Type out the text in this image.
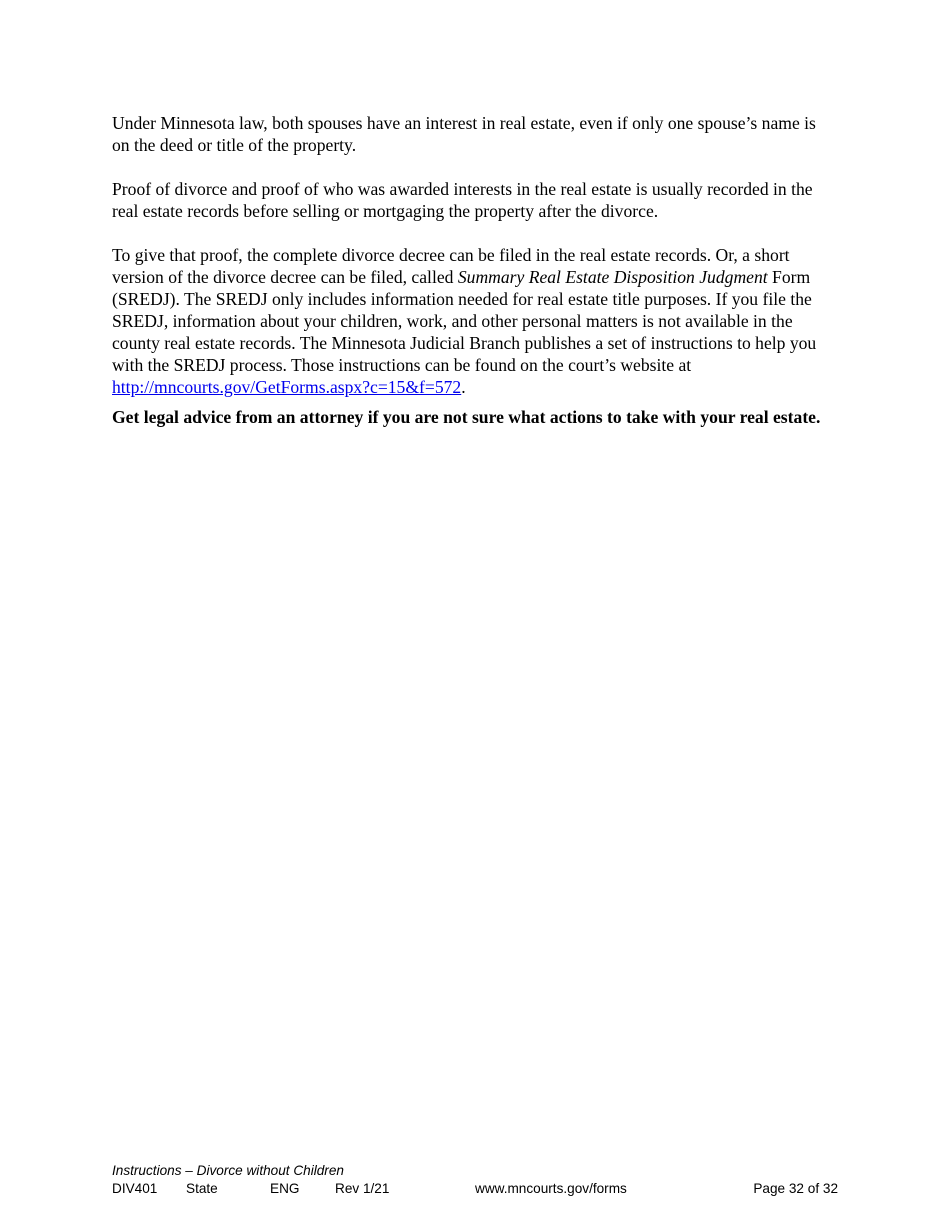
Under Minnesota law, both spouses have an interest in real estate, even if only one spouse’s name is on the deed or title of the property.

Proof of divorce and proof of who was awarded interests in the real estate is usually recorded in the real estate records before selling or mortgaging the property after the divorce.

To give that proof, the complete divorce decree can be filed in the real estate records. Or, a short version of the divorce decree can be filed, called Summary Real Estate Disposition Judgment Form (SREDJ). The SREDJ only includes information needed for real estate title purposes. If you file the SREDJ, information about your children, work, and other personal matters is not available in the county real estate records. The Minnesota Judicial Branch publishes a set of instructions to help you with the SREDJ process. Those instructions can be found on the court’s website at http://mncourts.gov/GetForms.aspx?c=15&f=572.

Get legal advice from an attorney if you are not sure what actions to take with your real estate.

Instructions – Divorce without Children
DIV401 State	ENG	Rev 1/21	www.mncourts.gov/forms	Page 32 of 32
